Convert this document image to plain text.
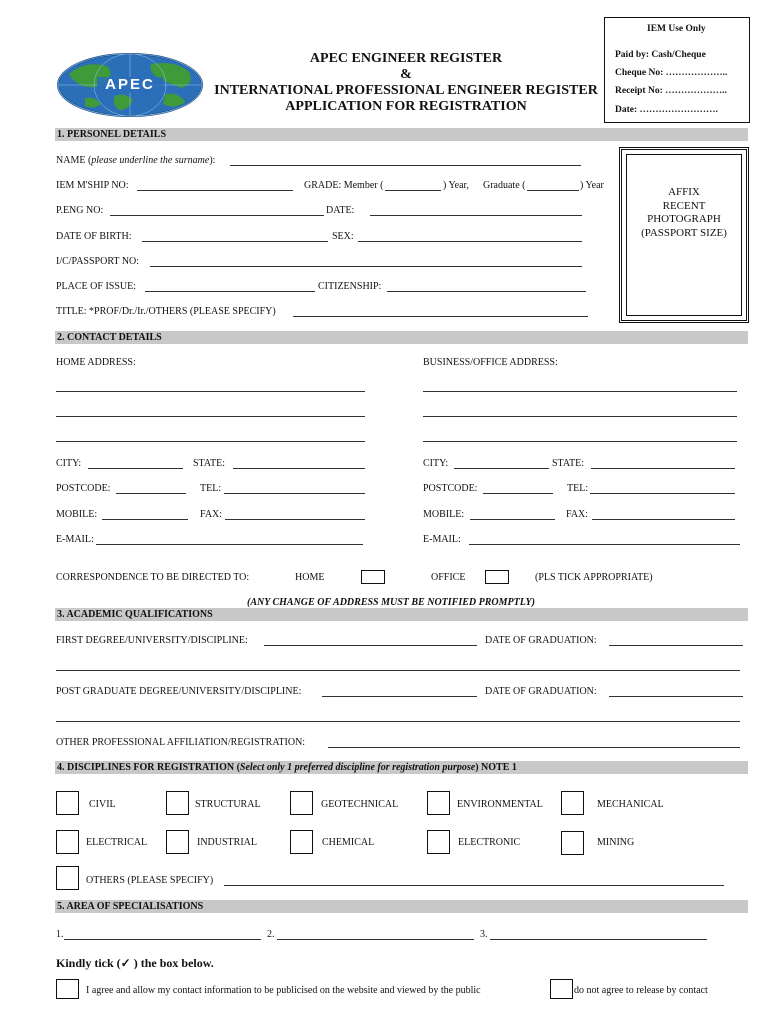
APEC
APEC ENGINEER REGISTER
&
INTERNATIONAL PROFESSIONAL ENGINEER REGISTER
APPLICATION FOR REGISTRATION
IEM Use Only
Paid by: Cash/Cheque
Cheque No: ………………..
Receipt No: ………………..
Date: …………………….
1. PERSONEL DETAILS
NAME (please underline the surname):
IEM M'SHIP NO:	GRADE: Member (	) Year, Graduate (	) Year
P.ENG NO:	DATE:
DATE OF BIRTH:	SEX:
I/C/PASSPORT NO:
PLACE OF ISSUE:	CITIZENSHIP:
TITLE: *PROF/Dr./Ir./OTHERS (PLEASE SPECIFY)
AFFIX
RECENT
PHOTOGRAPH
(PASSPORT SIZE)
2. CONTACT DETAILS
HOME ADDRESS:	BUSINESS/OFFICE ADDRESS:
CITY:	STATE:	CITY:	STATE:
POSTCODE:	TEL:	POSTCODE:	TEL:
MOBILE:	FAX:	MOBILE:	FAX:
E-MAIL:	E-MAIL:
CORRESPONDENCE TO BE DIRECTED TO:	HOME	OFFICE	(PLS TICK APPROPRIATE)
(ANY CHANGE OF ADDRESS MUST BE NOTIFIED PROMPTLY)
3. ACADEMIC QUALIFICATIONS
FIRST DEGREE/UNIVERSITY/DISCIPLINE:	DATE OF GRADUATION:
POST GRADUATE DEGREE/UNIVERSITY/DISCIPLINE:	DATE OF GRADUATION:
OTHER PROFESSIONAL AFFILIATION/REGISTRATION:
4. DISCIPLINES FOR REGISTRATION (Select only 1 preferred discipline for registration purpose) NOTE 1
CIVIL	STRUCTURAL	GEOTECHNICAL	ENVIRONMENTAL	MECHANICAL
ELECTRICAL	INDUSTRIAL	CHEMICAL	ELECTRONIC	MINING
OTHERS (PLEASE SPECIFY)
5. AREA OF SPECIALISATIONS
1.	2.	3.
Kindly tick (✓ ) the box below.
I agree and allow my contact information to be publicised on the website and viewed by the public	do not agree to release by contact
